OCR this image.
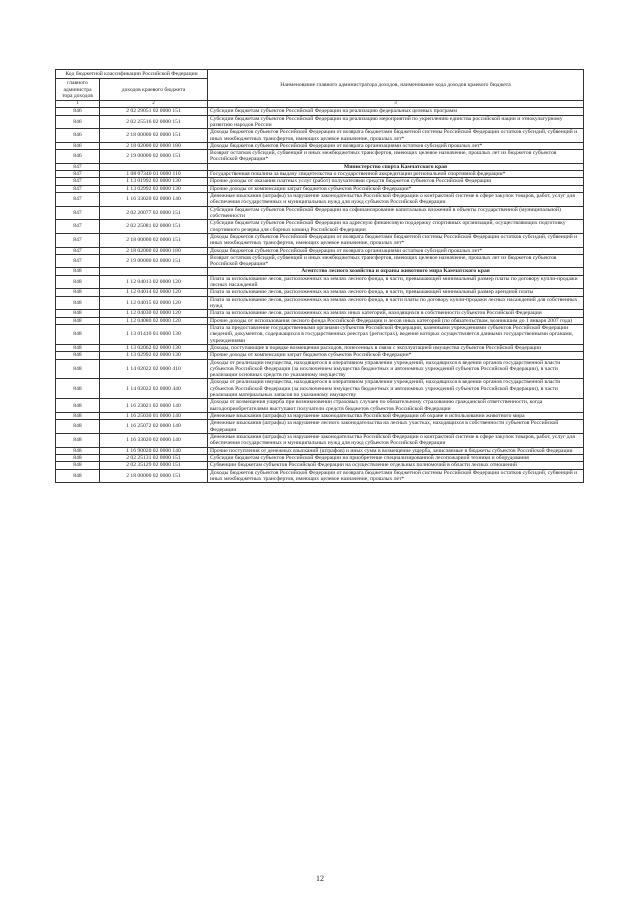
Код бюджетной классификации Российской Федерации		Наименование главного администратора доходов, наименование кода доходов краевого бюджета
главного администра тора доходов	доходов краевого бюджета	
1	2	3
846	2 02 29051 02 0000 151	Субсидии бюджетам субъектов Российской Федерации на реализацию федеральных целевых программ
846	2 02 25516 02 0000 151	Субсидии бюджетам субъектов Российской Федерации на реализацию мероприятий по укреплению единства российской нации и этнокультурному развитию народов России
846	2 18 00000 02 0000 151	Доходы бюджетов субъектов Российской Федерации от возврата бюджетами бюджетной системы Российской Федерации остатков субсидий, субвенций и иных межбюджетных трансфертов, имеющих целевое назначение, прошлых лет*
846	2 18 02000 02 0000 180	Доходы бюджетов субъектов Российской Федерации от возврата организациями остатков субсидий прошлых лет*
846	2 19 00000 02 0000 151	Возврат остатков субсидий, субвенций и иных межбюджетных трансфертов, имеющих целевое назначение, прошлых лет из бюджетов субъектов Российской Федерации*
847		Министерство спорта Камчатского края
847	1 08 07340 01 0000 110	Государственная пошлина за выдачу свидетельства о государственной аккредитации региональной спортивной федерации*
847	1 13 01992 02 0000 130	Прочие доходы от оказания платных услуг (работ) получателями средств бюджетов субъектов Российской Федерации
847	1 13 02992 02 0000 130	Прочие доходы от компенсации затрат бюджетов субъектов Российской Федерации*
847	1 16 33020 02 0000 140	Денежные взыскания (штрафы) за нарушение законодательства Российской Федерации о контрактной системе в сфере закупок товаров, работ, услуг для обеспечения государственных и муниципальных нужд для нужд субъектов Российской Федерации
847	2 02 20077 02 0000 151	Субсидии бюджетам субъектов Российской Федерации на софинансирование капитальных вложений в объекты государственной (муниципальной) собственности
847	2 02 25081 02 0000 151	Субсидии бюджетам субъектов Российской Федерации на адресную финансовую поддержку спортивных организаций, осуществляющих подготовку спортивного резерва для сборных команд Российской Федерации
847	2 18 00000 02 0000 151	Доходы бюджетов субъектов Российской Федерации от возврата бюджетами бюджетной системы Российской Федерации остатков субсидий, субвенций и иных межбюджетных трансфертов, имеющих целевое назначение, прошлых лет*
847	2 18 02000 02 0000 180	Доходы бюджетов субъектов Российской Федерации от возврата организациями остатков субсидий прошлых лет*
847	2 19 00000 02 0000 151	Возврат остатков субсидий, субвенций и иных межбюджетных трансфертов, имеющих целевое назначение, прошлых лет из бюджетов субъектов Российской Федерации*
848		Агентство лесного хозяйства и охраны животного мира Камчатского края
848	1 12 04013 02 0000 120	Плата за использование лесов, расположенных на землях лесного фонда, в части, превышающей минимальный размер платы по договору купли-продажи лесных насаждений
848	1 12 04014 02 0000 120	Плата за использование лесов, расположенных на землях лесного фонда, в части, превышающей минимальный размер арендной платы
848	1 12 04015 02 0000 120	Плата за использование лесов, расположенных на землях лесного фонда, в части платы по договору купли-продажи лесных насаждений для собственных нужд
848	1 12 04030 02 0000 120	Плата за использование лесов, расположенных на землях иных категорий, находящихся в собственности субъектов Российской Федерации
848	1 12 04080 02 0000 120	Прочие доходы от использования лесного фонда Российской Федерации и лесов иных категорий (по обязательствам, возникшим до 1 января 2007 года)
848	1 13 01410 01 0000 130	Плата за предоставление государственными органами субъектов Российской Федерации, казенными учреждениями субъектов Российской Федерации сведений, документов, содержащихся в государственных реестрах (регистрах), ведение которых осуществляется данными государственными органами, учреждениями
848	1 13 02062 02 0000 130	Доходы, поступающие в порядке возмещения расходов, понесенных в связи с эксплуатацией имущества субъектов Российской Федерации
848	1 13 02992 02 0000 130	Прочие доходы от компенсации затрат бюджетов субъектов Российской Федерации*
848	1 14 02022 02 0000 410	Доходы от реализации имущества, находящегося в оперативном управлении учреждений, находящихся в ведении органов государственной власти субъектов Российской Федерации (за исключением имущества бюджетных и автономных учреждений субъектов Российской Федерации), в части реализации основных средств по указанному имуществу
848	1 14 02022 02 0000 440	Доходы от реализации имущества, находящегося в оперативном управлении учреждений, находящихся в ведении органов государственной власти субъектов Российской Федерации (за исключением имущества бюджетных и автономных учреждений субъектов Российской Федерации), в части реализации материальных запасов по указанному имуществу
848	1 16 23021 02 0000 140	Доходы от возмещения ущерба при возникновении страховых случаев по обязательному страхованию гражданской ответственности, когда выгодоприобретателями выступают получатели средств бюджетов субъектов Российской Федерации
848	1 16 25030 01 0000 140	Денежные взыскания (штрафы) за нарушение законодательства Российской Федерации об охране и использовании животного мира
848	1 16 25072 02 0000 140	Денежные взыскания (штрафы) за нарушение лесного законодательства на лесных участках, находящихся в собственности субъектов Российской Федерации
848	1 16 33020 02 0000 140	Денежные взыскания (штрафы) за нарушение законодательства Российской Федерации о контрактной системе в сфере закупок товаров, работ, услуг для обеспечения государственных и муниципальных нужд для нужд субъектов Российской Федерации
848	1 16 90020 02 0000 140	Прочие поступления от денежных взысканий (штрафов) и иных сумм в возмещение ущерба, зачисляемые в бюджеты субъектов Российской Федерации
848	2 02 25131 02 0000 151	Субсидии бюджетам субъектов Российской Федерации на приобретение специализированной лесопожарной техники и оборудования
848	2 02 35129 02 0000 151	Субвенции бюджетам субъектов Российской Федерации на осуществление отдельных полномочий в области лесных отношений
848	2 18 00000 02 0000 151	Доходы бюджетов субъектов Российской Федерации от возврата бюджетами бюджетной системы Российской Федерации остатков субсидий, субвенций и иных межбюджетных трансфертов, имеющих целевое назначение, прошлых лет*
12
